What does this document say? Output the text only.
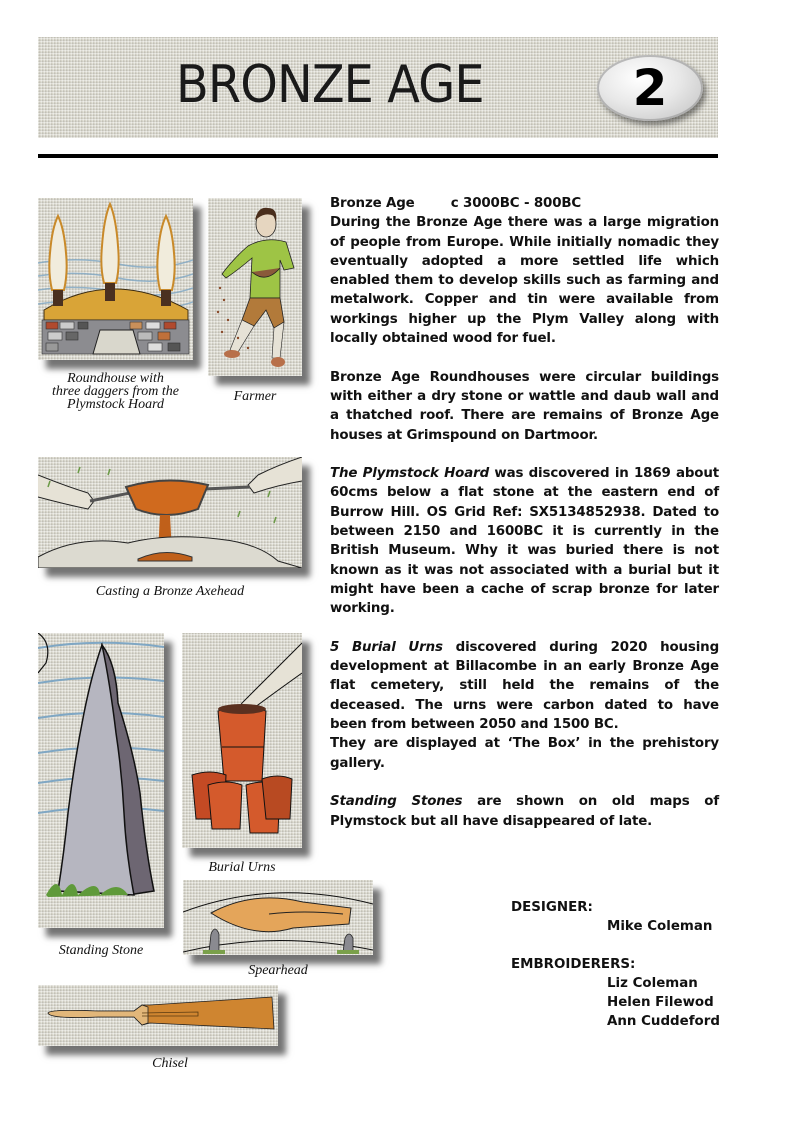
BRONZE AGE	2
Roundhouse with
three daggers from the
Plymstock Hoard
Farmer
Casting a Bronze Axehead
Standing Stone
Burial Urns
Spearhead
Chisel

Bronze Age	c 3000BC - 800BC

During the Bronze Age there was a large migration of people from Europe. While initially nomadic they eventually adopted a more settled life which enabled them to develop skills such as farming and metalwork. Copper and tin were available from workings higher up the Plym Valley along with locally obtained wood for fuel.

Bronze Age Roundhouses were circular buildings with either a dry stone or wattle and daub wall and a thatched roof. There are remains of Bronze Age houses at Grimspound on Dartmoor.

The Plymstock Hoard was discovered in 1869 about 60cms below a flat stone at the eastern end of Burrow Hill. OS Grid Ref: SX5134852938. Dated to between 2150 and 1600BC it is currently in the British Museum. Why it was buried there is not known as it was not associated with a burial but it might have been a cache of scrap bronze for later working.

5 Burial Urns discovered during 2020 housing development at Billacombe in an early Bronze Age flat cemetery, still held the remains of the deceased. The urns were carbon dated to have been from between 2050 and 1500 BC.

They are displayed at ‘The Box’ in the prehistory gallery.

Standing Stones are shown on old maps of Plymstock but all have disappeared of late.

DESIGNER:
Mike Coleman
EMBROIDERERS:
Liz Coleman
Helen Filewod
Ann Cuddeford
